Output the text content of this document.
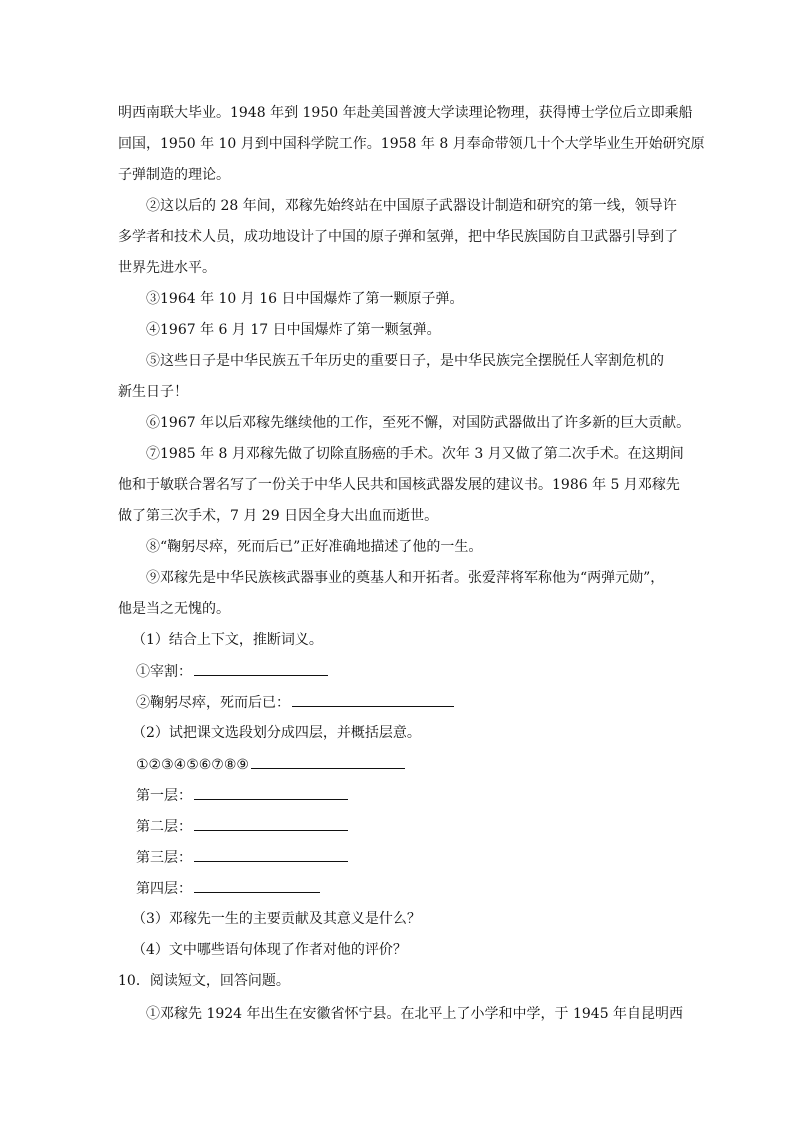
明西南联大毕业。1948 年到 1950 年赴美国普渡大学读理论物理，获得博士学位后立即乘船
回国，1950 年 10 月到中国科学院工作。1958 年 8 月奉命带领几十个大学毕业生开始研究原
子弹制造的理论。
②这以后的 28 年间，邓稼先始终站在中国原子武器设计制造和研究的第一线，领导许
多学者和技术人员，成功地设计了中国的原子弹和氢弹，把中华民族国防自卫武器引导到了
世界先进水平。
③1964 年 10 月 16 日中国爆炸了第一颗原子弹。
④1967 年 6 月 17 日中国爆炸了第一颗氢弹。
⑤这些日子是中华民族五千年历史的重要日子，是中华民族完全摆脱任人宰割危机的
新生日子！
⑥1967 年以后邓稼先继续他的工作，至死不懈，对国防武器做出了许多新的巨大贡献。
⑦1985 年 8 月邓稼先做了切除直肠癌的手术。次年 3 月又做了第二次手术。在这期间
他和于敏联合署名写了一份关于中华人民共和国核武器发展的建议书。1986 年 5 月邓稼先
做了第三次手术，7 月 29 日因全身大出血而逝世。
⑧“鞠躬尽瘁，死而后已”正好准确地描述了他的一生。
⑨邓稼先是中华民族核武器事业的奠基人和开拓者。张爱萍将军称他为“两弹元勋”，
他是当之无愧的。
（1）结合上下文，推断词义。
①宰割：
②鞠躬尽瘁，死而后已：
（2）试把课文选段划分成四层，并概括层意。
①②③④⑤⑥⑦⑧⑨
第一层：
第二层：
第三层：
第四层：
（3）邓稼先一生的主要贡献及其意义是什么？
（4）文中哪些语句体现了作者对他的评价？
10．阅读短文，回答问题。
①邓稼先 1924 年出生在安徽省怀宁县。在北平上了小学和中学，于 1945 年自昆明西
